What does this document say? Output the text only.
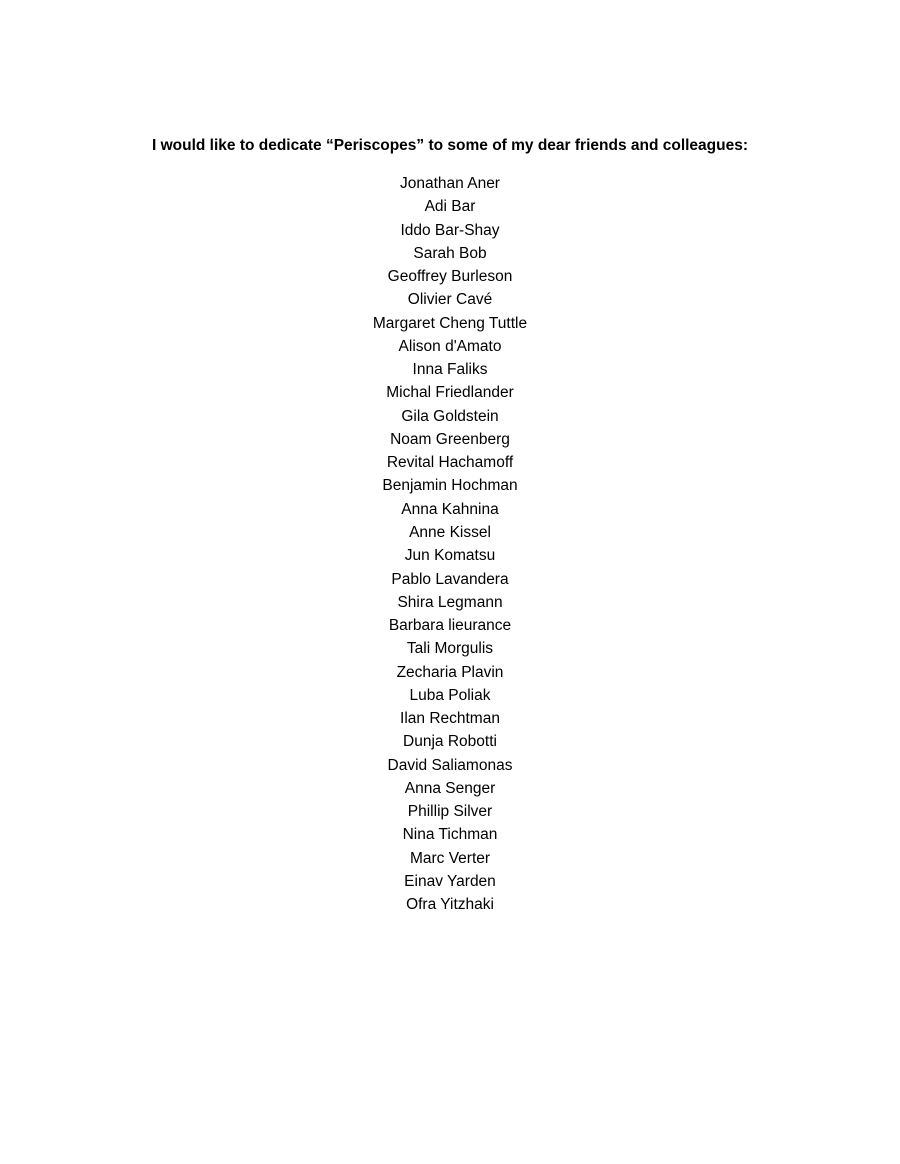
I would like to dedicate “Periscopes” to some of my dear friends and colleagues:

Jonathan Aner
Adi Bar
Iddo Bar-Shay
Sarah Bob
Geoffrey Burleson
Olivier Cavé
Margaret Cheng Tuttle
Alison d'Amato
Inna Faliks
Michal Friedlander
Gila Goldstein
Noam Greenberg
Revital Hachamoff
Benjamin Hochman
Anna Kahnina
Anne Kissel
Jun Komatsu
Pablo Lavandera
Shira Legmann
Barbara lieurance
Tali Morgulis
Zecharia Plavin
Luba Poliak
Ilan Rechtman
Dunja Robotti
David Saliamonas
Anna Senger
Phillip Silver
Nina Tichman
Marc Verter
Einav Yarden
Ofra Yitzhaki
